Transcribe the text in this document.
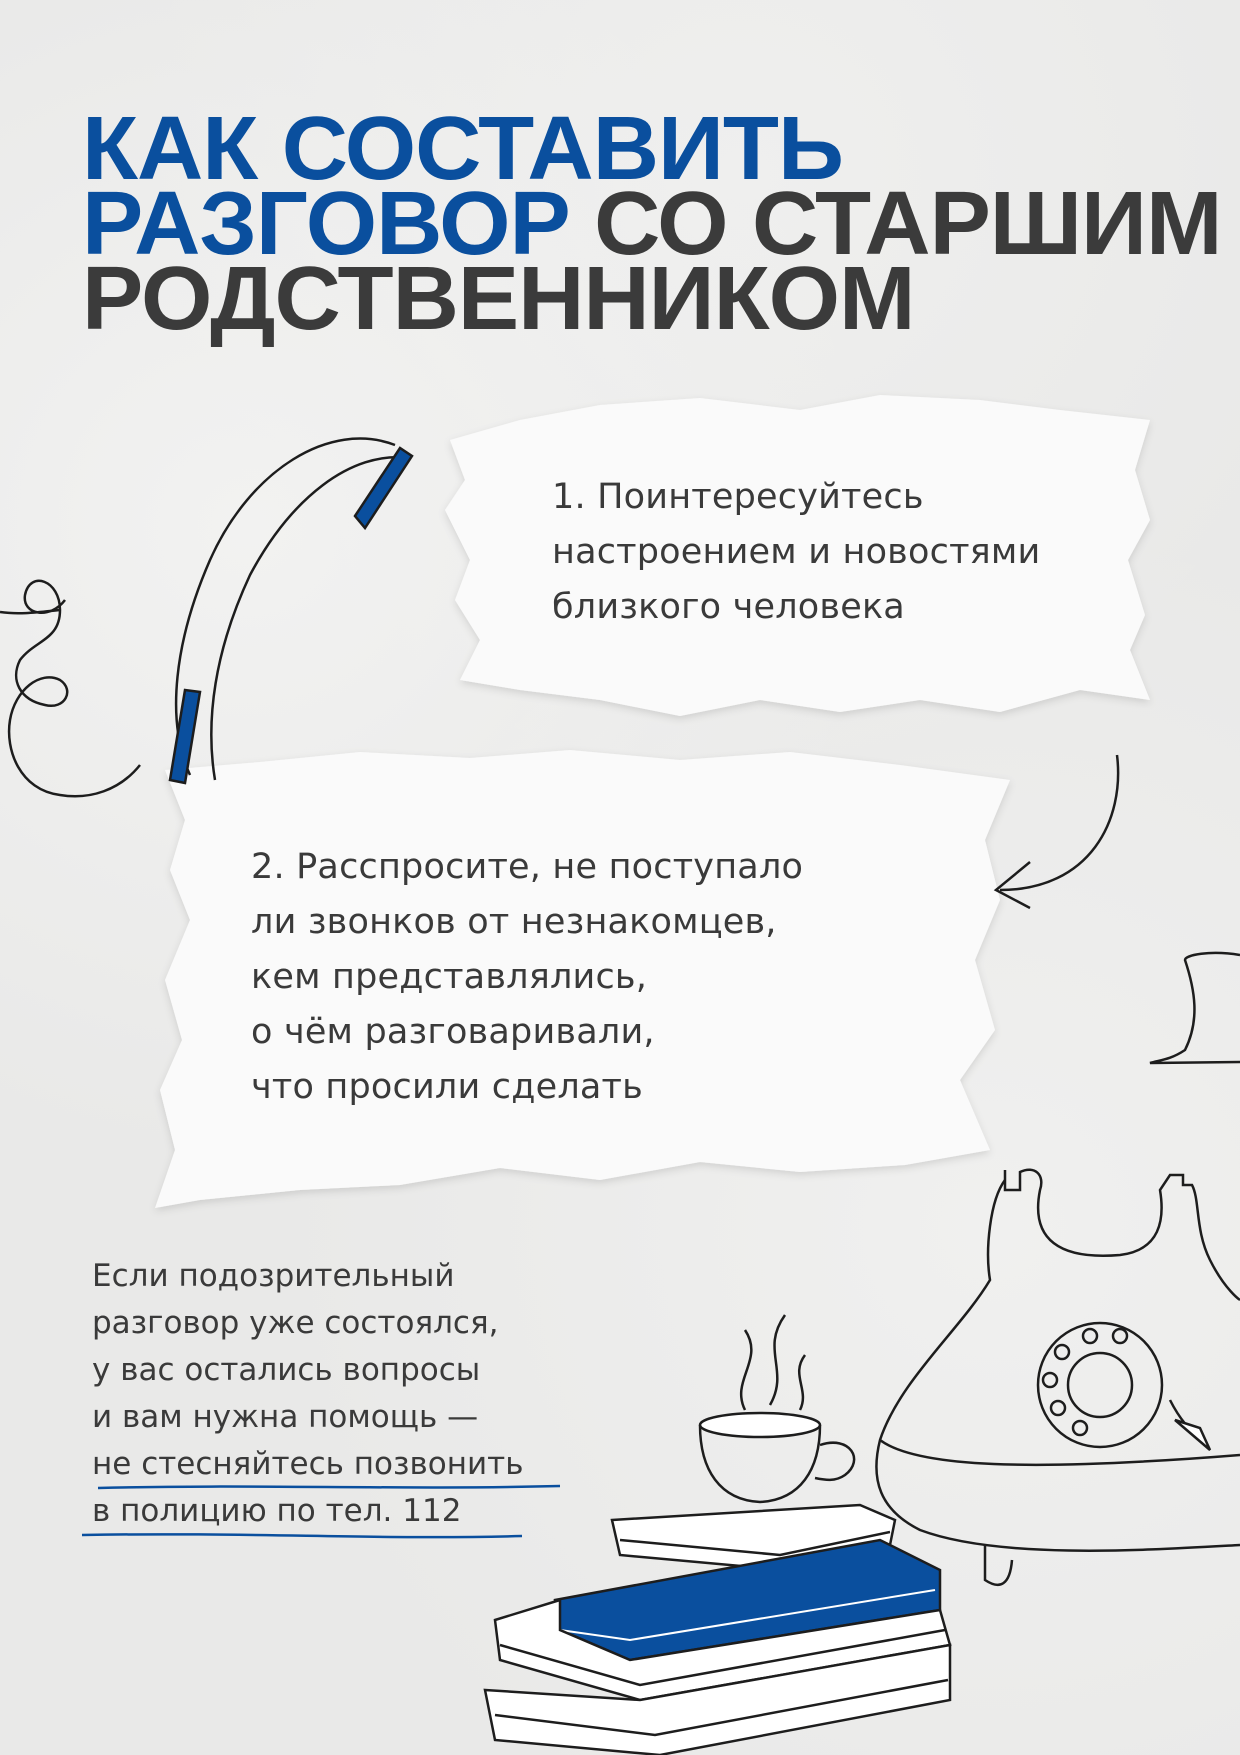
КАК СОСТАВИТЬ
РАЗГОВОР СО СТАРШИМ
РОДСТВЕННИКОМ
1. Поинтересуйтесь
настроением и новостями
близкого человека
2. Расспросите, не поступало
ли звонков от незнакомцев,
кем представлялись,
о чём разговаривали,
что просили сделать
Если подозрительный
разговор уже состоялся,
у вас остались вопросы
и вам нужна помощь —
не стесняйтесь позвонить
в полицию по тел. 112
